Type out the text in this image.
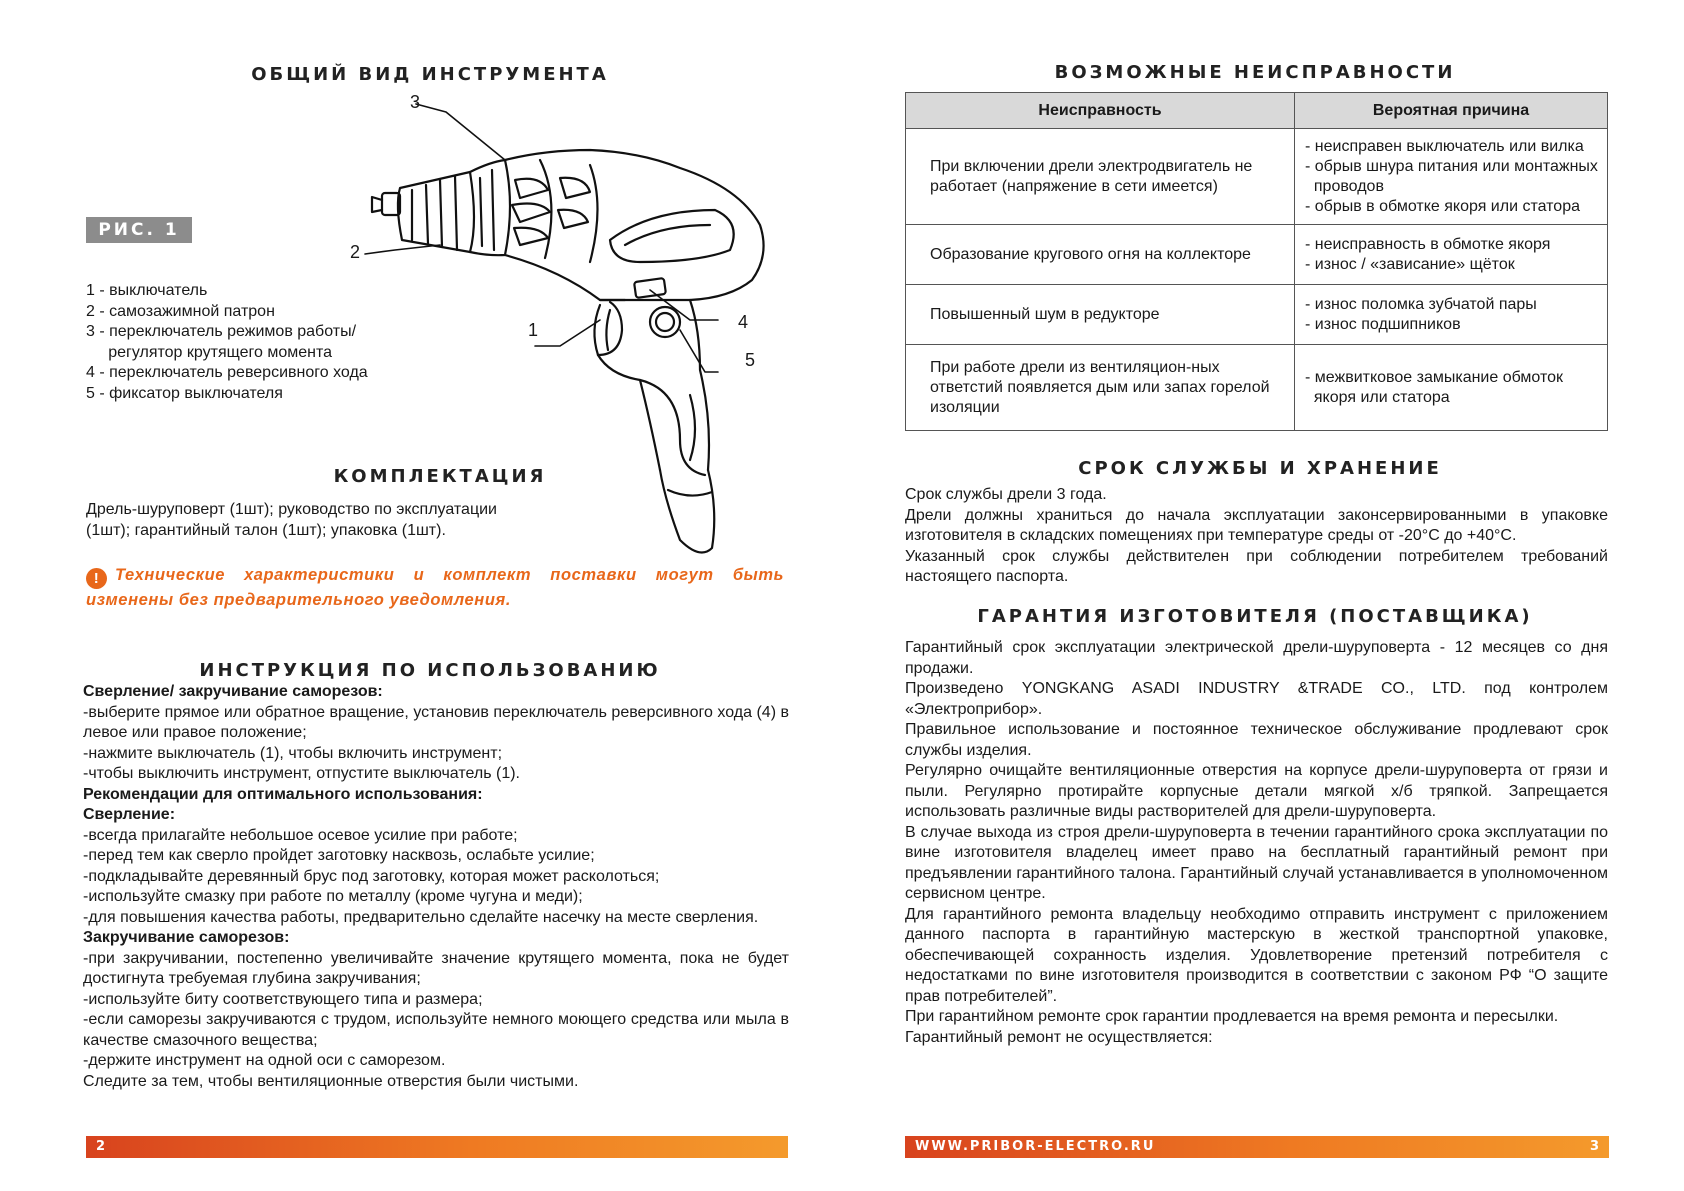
ОБЩИЙ ВИД ИНСТРУМЕНТА
РИС. 1
3
2
1	4
5
1 - выключатель
2 - самозажимной патрон
3 - переключатель режимов работы/
регулятор крутящего момента
4 - переключатель реверсивного хода
5 - фиксатор выключателя
КОМПЛЕКТАЦИЯ
Дрель-шуруповерт (1шт); руководство по эксплуатации
(1шт); гарантийный талон (1шт); упаковка (1шт).
! Технические характеристики и комплект поставки могут быть изменены без предварительного уведомления.
ИНСТРУКЦИЯ ПО ИСПОЛЬЗОВАНИЮ
Сверление/ закручивание саморезов:
-выберите прямое или обратное вращение, установив переключатель реверсивного хода (4) в левое или правое положение;
-нажмите выключатель (1), чтобы включить инструмент;
-чтобы выключить инструмент, отпустите выключатель (1).
Рекомендации для оптимального использования:
Сверление:
-всегда прилагайте небольшое осевое усилие при работе;
-перед тем как сверло пройдет заготовку насквозь, ослабьте усилие;
-подкладывайте деревянный брус под заготовку, которая может расколоться;
-используйте смазку при работе по металлу (кроме чугуна и меди);
-для повышения качества работы, предварительно сделайте насечку на месте сверления.
Закручивание саморезов:
-при закручивании, постепенно увеличивайте значение крутящего момента, пока не будет достигнута требуемая глубина закручивания;
-используйте биту соответствующего типа и размера;
-если саморезы закручиваются с трудом, используйте немного моющего средства или мыла в качестве смазочного вещества;
-держите инструмент на одной оси с саморезом.
Следите за тем, чтобы вентиляционные отверстия были чистыми.
2
ВОЗМОЖНЫЕ НЕИСПРАВНОСТИ
Неисправность	Вероятная причина
При включении дрели электродвигатель не работает (напряжение в сети имеется)	- неисправен выключатель или вилка
- обрыв шнура питания или монтажных
проводов
- обрыв в обмотке якоря или статора
Образование кругового огня на коллекторе	- неисправность в обмотке якоря
- износ / «зависание» щёток
Повышенный шум в редукторе	- износ поломка зубчатой пары
- износ подшипников
При работе дрели из вентиляцион-ных ответстий появляется дым или запах горелой изоляции	- межвитковое замыкание обмоток
якоря или статора
СРОК СЛУЖБЫ И ХРАНЕНИЕ
Срок службы дрели 3 года.
Дрели должны храниться до начала эксплуатации законсервированными в упаковке изготовителя в складских помещениях при температуре среды от -20°С до +40°С.
Указанный срок службы действителен при соблюдении потребителем требований настоящего паспорта.
ГАРАНТИЯ ИЗГОТОВИТЕЛЯ (ПОСТАВЩИКА)
Гарантийный срок эксплуатации электрической дрели-шуруповерта - 12 месяцев со дня продажи.
Произведено YONGKANG ASADI INDUSTRY &TRADE CO., LTD. под контролем «Электроприбор».
Правильное использование и постоянное техническое обслуживание продлевают срок службы изделия.
Регулярно очищайте вентиляционные отверстия на корпусе дрели-шуруповерта от грязи и пыли. Регулярно протирайте корпусные детали мягкой х/б тряпкой. Запрещается использовать различные виды растворителей для дрели-шуруповерта.
В случае выхода из строя дрели-шуруповерта в течении гарантийного срока эксплуатации по вине изготовителя владелец имеет право на бесплатный гарантийный ремонт при предъявлении гарантийного талона. Гарантийный случай устанавливается в уполномоченном сервисном центре.
Для гарантийного ремонта владельцу необходимо отправить инструмент с приложением данного паспорта в гарантийную мастерскую в жесткой транспортной упаковке, обеспечивающей сохранность изделия. Удовлетворение претензий потребителя с недостатками по вине изготовителя производится в соответствии с законом РФ “О защите прав потребителей”.
При гарантийном ремонте срок гарантии продлевается на время ремонта и пересылки.
Гарантийный ремонт не осуществляется:
WWW.PRIBOR-ELECTRO.RU	3
